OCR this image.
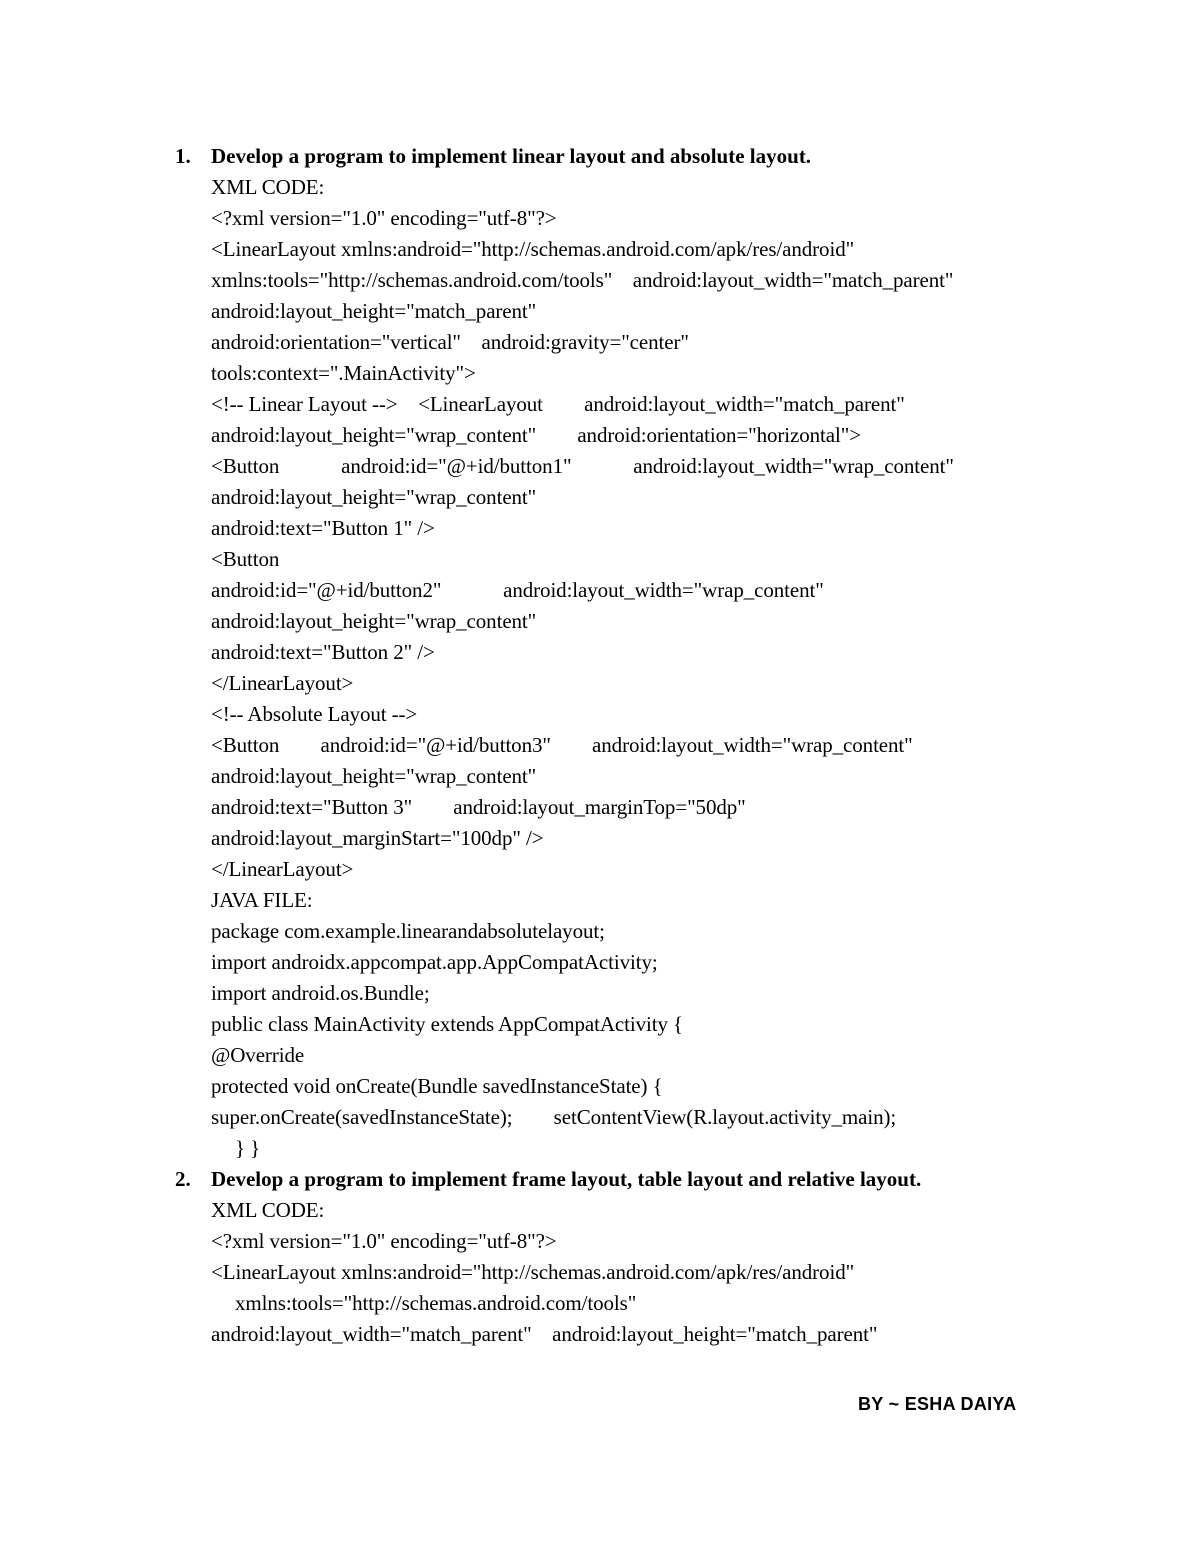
1. Develop a program to implement linear layout and absolute layout.
XML CODE:
<?xml version="1.0" encoding="utf-8"?>
<LinearLayout xmlns:android="http://schemas.android.com/apk/res/android"
xmlns:tools="http://schemas.android.com/tools"    android:layout_width="match_parent"
android:layout_height="match_parent"
android:orientation="vertical"    android:gravity="center"
tools:context=".MainActivity">
<!-- Linear Layout -->    <LinearLayout        android:layout_width="match_parent"
android:layout_height="wrap_content"        android:orientation="horizontal">
<Button            android:id="@+id/button1"            android:layout_width="wrap_content"
android:layout_height="wrap_content"
android:text="Button 1" />
<Button
android:id="@+id/button2"            android:layout_width="wrap_content"
android:layout_height="wrap_content"
android:text="Button 2" />
</LinearLayout>
<!-- Absolute Layout -->
<Button        android:id="@+id/button3"        android:layout_width="wrap_content"
android:layout_height="wrap_content"
android:text="Button 3"        android:layout_marginTop="50dp"
android:layout_marginStart="100dp" />
</LinearLayout>
JAVA FILE:
package com.example.linearandabsolutelayout;
import androidx.appcompat.app.AppCompatActivity;
import android.os.Bundle;
public class MainActivity extends AppCompatActivity {
@Override
protected void onCreate(Bundle savedInstanceState) {
super.onCreate(savedInstanceState);        setContentView(R.layout.activity_main);
} }
2. Develop a program to implement frame layout, table layout and relative layout.
XML CODE:
<?xml version="1.0" encoding="utf-8"?>
<LinearLayout xmlns:android="http://schemas.android.com/apk/res/android"
xmlns:tools="http://schemas.android.com/tools"
android:layout_width="match_parent"    android:layout_height="match_parent"
BY ~ ESHA DAIYA
